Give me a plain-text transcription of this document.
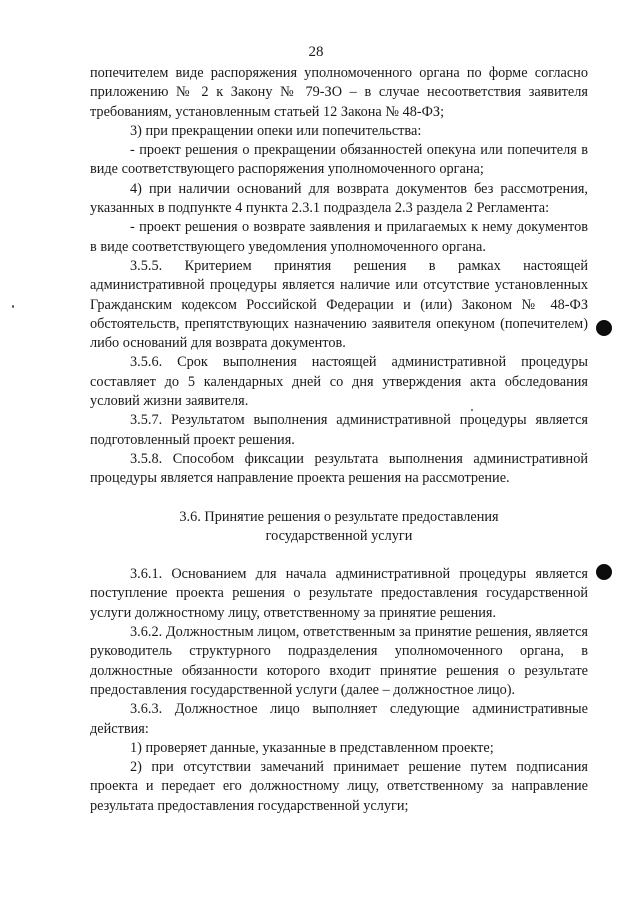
28

попечителем виде распоряжения уполномоченного органа по форме согласно приложению № 2 к Закону № 79-ЗО – в случае несоответствия заявителя требованиям, установленным статьей 12 Закона № 48-ФЗ;

3) при прекращении опеки или попечительства:

- проект решения о прекращении обязанностей опекуна или попечителя в виде соответствующего распоряжения уполномоченного органа;

4) при наличии оснований для возврата документов без рассмотрения, указанных в подпункте 4 пункта 2.3.1 подраздела 2.3 раздела 2 Регламента:

- проект решения о возврате заявления и прилагаемых к нему документов в виде соответствующего уведомления уполномоченного органа.

3.5.5. Критерием принятия решения в рамках настоящей административной процедуры является наличие или отсутствие установленных Гражданским кодексом Российской Федерации и (или) Законом № 48-ФЗ обстоятельств, препятствующих назначению заявителя опекуном (попечителем) либо оснований для возврата документов.

3.5.6. Срок выполнения настоящей административной процедуры составляет до 5 календарных дней со дня утверждения акта обследования условий жизни заявителя.

3.5.7. Результатом выполнения административной процедуры является подготовленный проект решения.

3.5.8. Способом фиксации результата выполнения административной процедуры является направление проекта решения на рассмотрение.

3.6. Принятие решения о результате предоставления
государственной услуги

3.6.1. Основанием для начала административной процедуры является поступление проекта решения о результате предоставления государственной услуги должностному лицу, ответственному за принятие решения.

3.6.2. Должностным лицом, ответственным за принятие решения, является руководитель структурного подразделения уполномоченного органа, в должностные обязанности которого входит принятие решения о результате предоставления государственной услуги (далее – должностное лицо).

3.6.3. Должностное лицо выполняет следующие административные действия:

1) проверяет данные, указанные в представленном проекте;

2) при отсутствии замечаний принимает решение путем подписания проекта и передает его должностному лицу, ответственному за направление результата предоставления государственной услуги;
